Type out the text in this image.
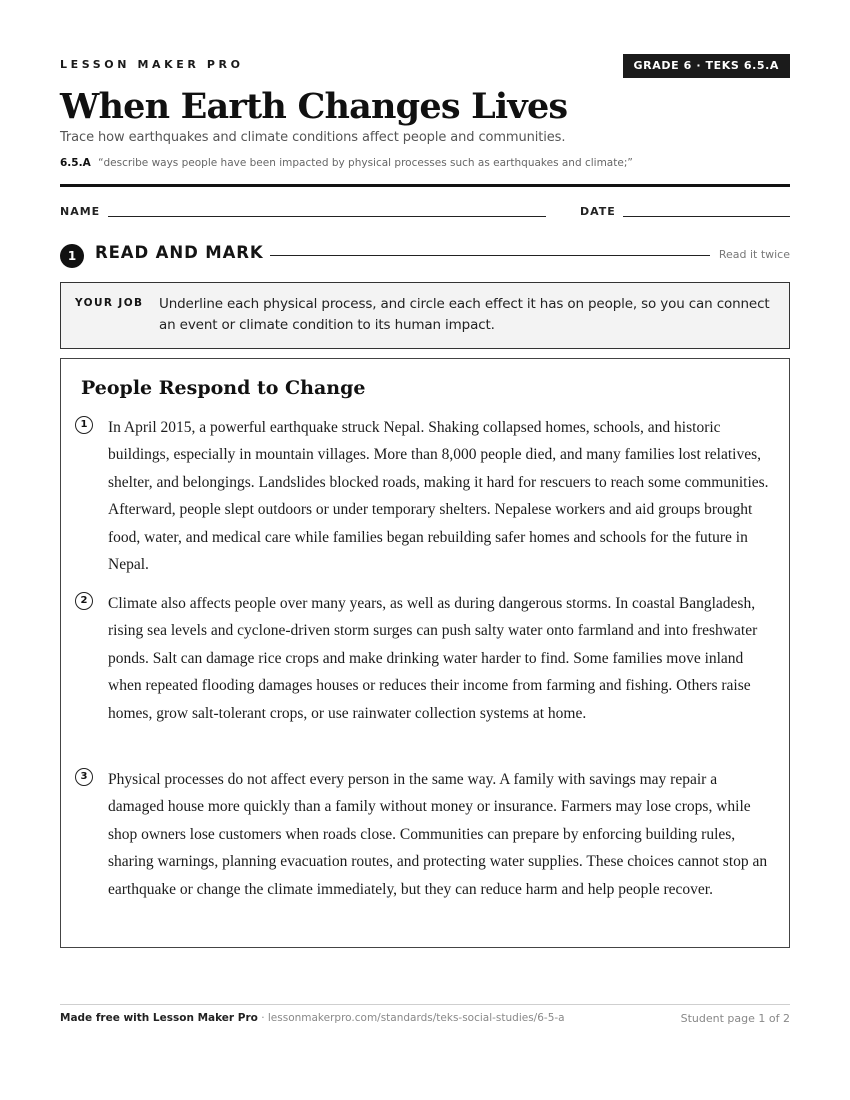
LESSON MAKER PRO	GRADE 6 · TEKS 6.5.A
When Earth Changes Lives
Trace how earthquakes and climate conditions affect people and communities.
6.5.A “describe ways people have been impacted by physical processes such as earthquakes and climate;”
NAME	DATE
1	READ AND MARK	Read it twice
YOUR JOB Underline each physical process, and circle each effect it has on people, so you can connect an event or climate condition to its human impact.
People Respond to Change
1	In April 2015, a powerful earthquake struck Nepal. Shaking collapsed homes, schools, and historic buildings, especially in mountain villages. More than 8,000 people died, and many families lost relatives, shelter, and belongings. Landslides blocked roads, making it hard for rescuers to reach some communities. Afterward, people slept outdoors or under temporary shelters. Nepalese workers and aid groups brought food, water, and medical care while families began rebuilding safer homes and schools for the future in Nepal.

2	Climate also affects people over many years, as well as during dangerous storms. In coastal Bangladesh, rising sea levels and cyclone-driven storm surges can push salty water onto farmland and into freshwater ponds. Salt can damage rice crops and make drinking water harder to find. Some families move inland when repeated flooding damages houses or reduces their income from farming and fishing. Others raise homes, grow salt-tolerant crops, or use rainwater collection systems at home.

3	Physical processes do not affect every person in the same way. A family with savings may repair a damaged house more quickly than a family without money or insurance. Farmers may lose crops, while shop owners lose customers when roads close. Communities can prepare by enforcing building rules, sharing warnings, planning evacuation routes, and protecting water supplies. These choices cannot stop an earthquake or change the climate immediately, but they can reduce harm and help people recover.

Made free with Lesson Maker Pro · lessonmakerpro.com/standards/teks-social-studies/6-5-a	Student page 1 of 2
